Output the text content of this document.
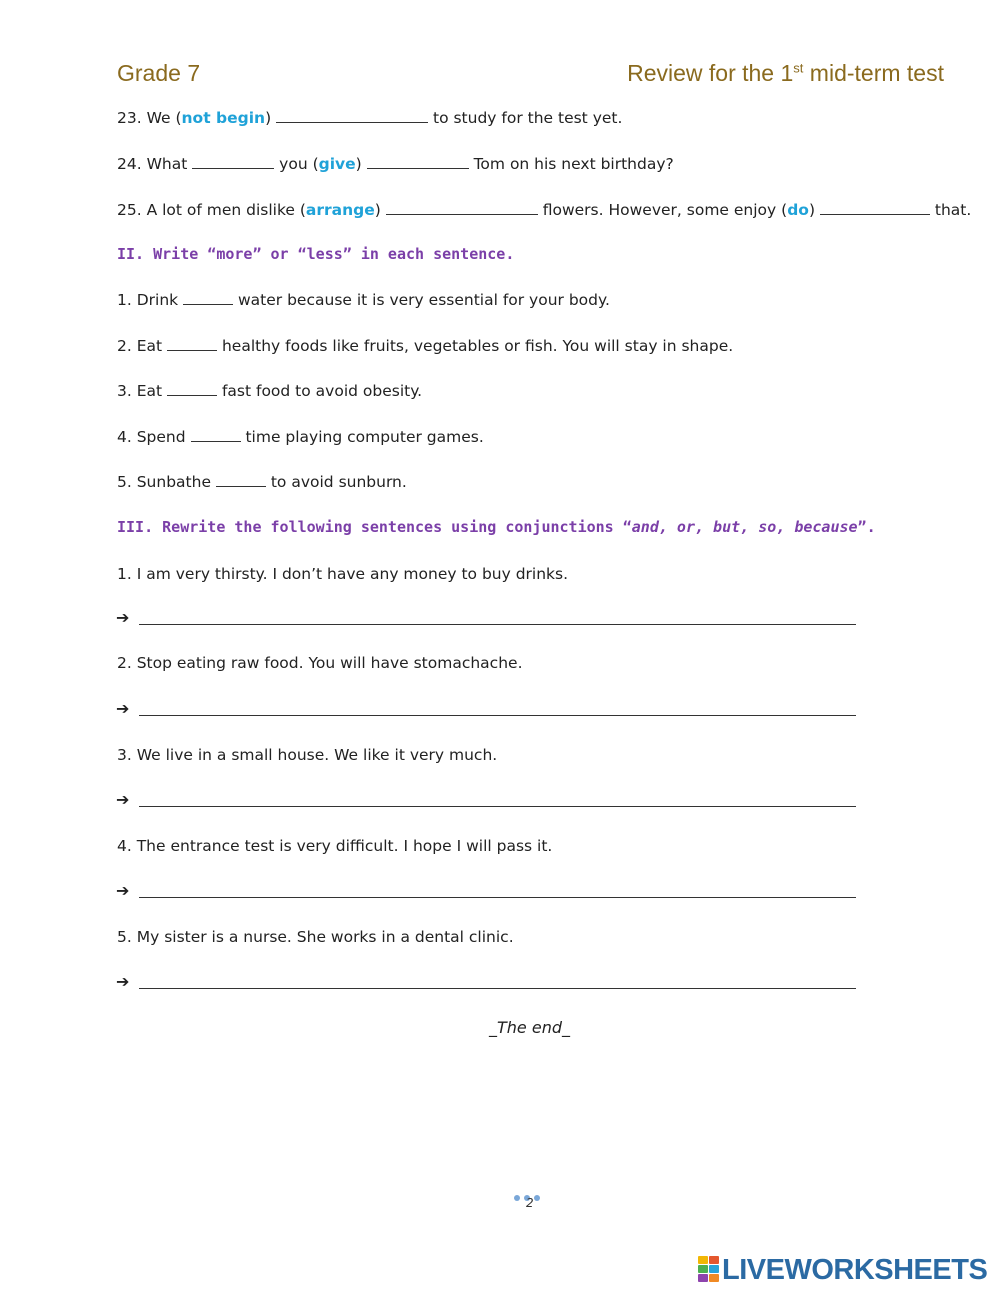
Grade 7	Review for the 1st mid-term test
23. We (not begin)	to study for the test yet.
24. What	you (give)	Tom on his next birthday?
25. A lot of men dislike (arrange)	flowers. However, some enjoy (do)	that.
II. Write “more” or “less” in each sentence.
1. Drink	water because it is very essential for your body.
2. Eat	healthy foods like fruits, vegetables or fish. You will stay in shape.
3. Eat	fast food to avoid obesity.
4. Spend	time playing computer games.
5. Sunbathe	to avoid sunburn.
III. Rewrite the following sentences using conjunctions “and, or, but, so, because”.
1. I am very thirsty. I don’t have any money to buy drinks.
➔
2. Stop eating raw food. You will have stomachache.
➔
3. We live in a small house. We like it very much.
➔
4. The entrance test is very difficult. I hope I will pass it.
➔
5. My sister is a nurse. She works in a dental clinic.
➔
_The end_
2
LIVEWORKSHEETS
